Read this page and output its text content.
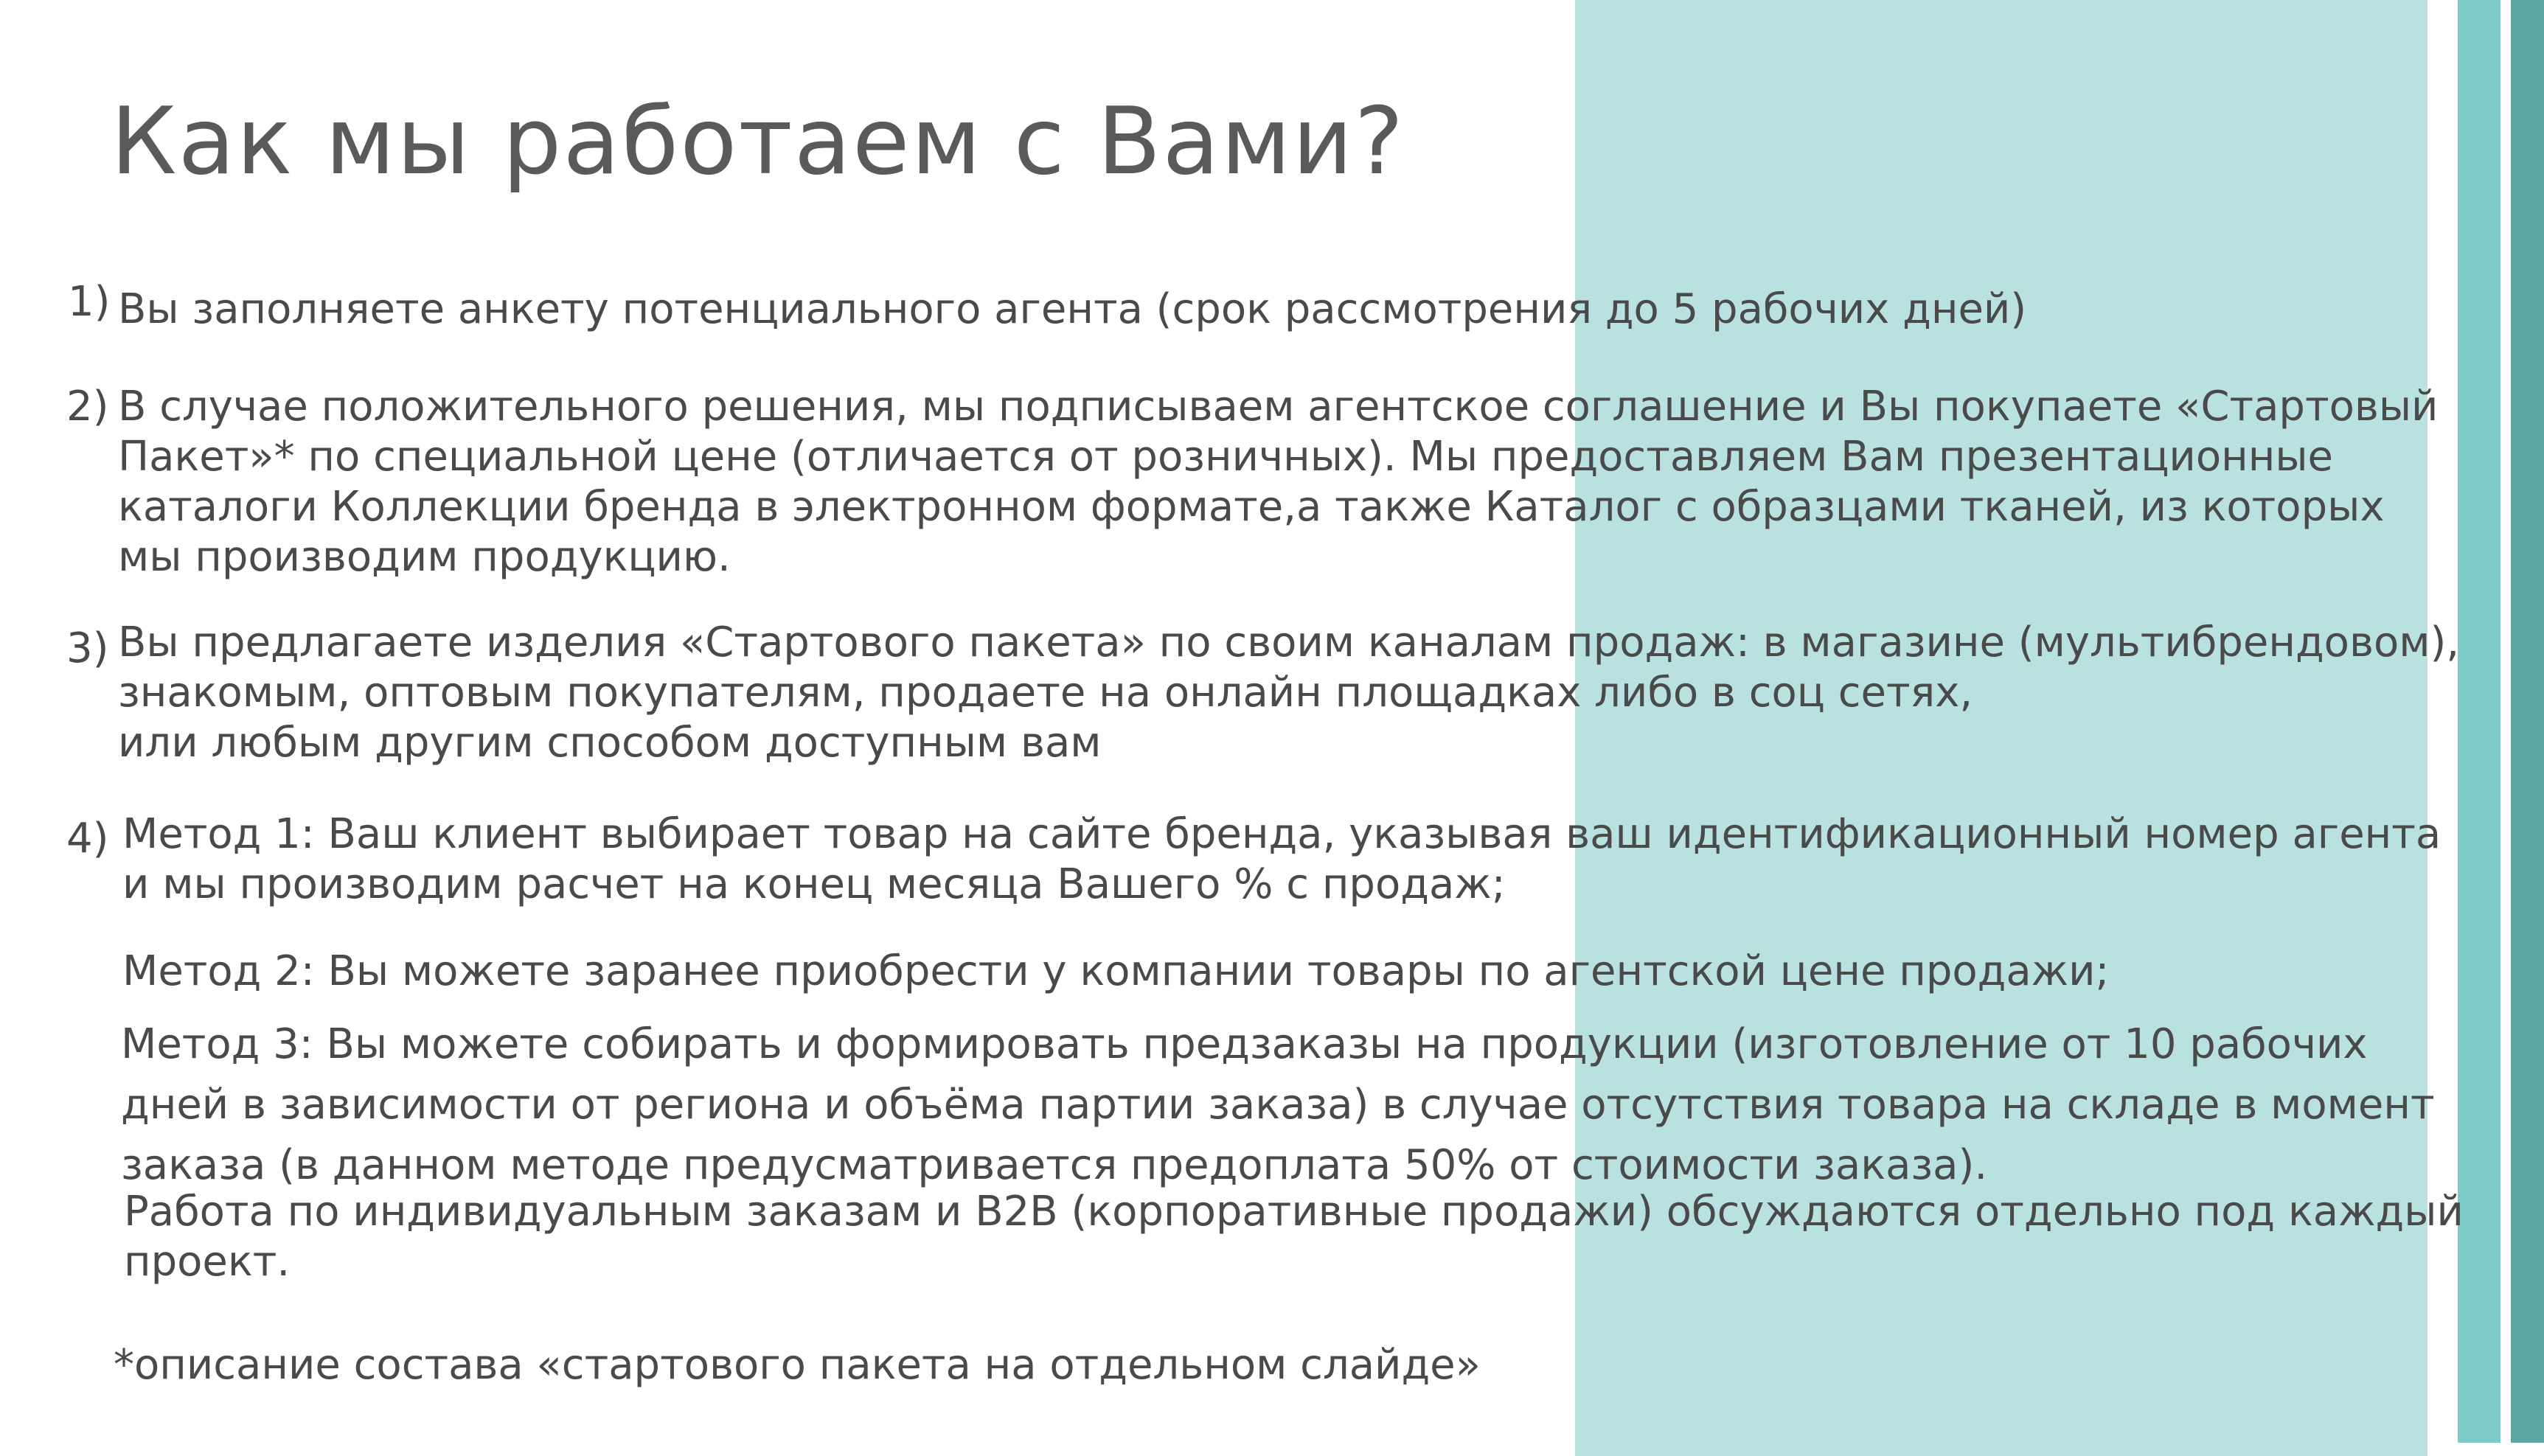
Как мы работаем с Вами?
1) Вы заполняете анкету потенциального агента (срок рассмотрения до 5 рабочих дней)
2) В случае положительного решения, мы подписываем агентское соглашение и Вы покупаете «Стартовый
Пакет»* по специальной цене (отличается от розничных). Мы предоставляем Вам презентационные
каталоги Коллекции бренда в электронном формате,а также Каталог с образцами тканей, из которых
мы производим продукцию.
3) Вы предлагаете изделия «Стартового пакета» по своим каналам продаж: в магазине (мультибрендовом),
знакомым, оптовым покупателям, продаете на онлайн площадках либо в соц сетях,
или любым другим способом доступным вам
4) Метод 1: Ваш клиент выбирает товар на сайте бренда, указывая ваш идентификационный номер агента
и мы производим расчет на конец месяца Вашего % с продаж;
Метод 2: Вы можете заранее приобрести у компании товары по агентской цене продажи;
Метод 3: Вы можете собирать и формировать предзаказы на продукции (изготовление от 10 рабочих
дней в зависимости от региона и объёма партии заказа) в случае отсутствия товара на складе в момент
заказа (в данном методе предусматривается предоплата 50% от стоимости заказа).
Работа по индивидуальным заказам и B2B (корпоративные продажи) обсуждаются отдельно под каждый
проект.
*описание состава «стартового пакета на отдельном слайде»
